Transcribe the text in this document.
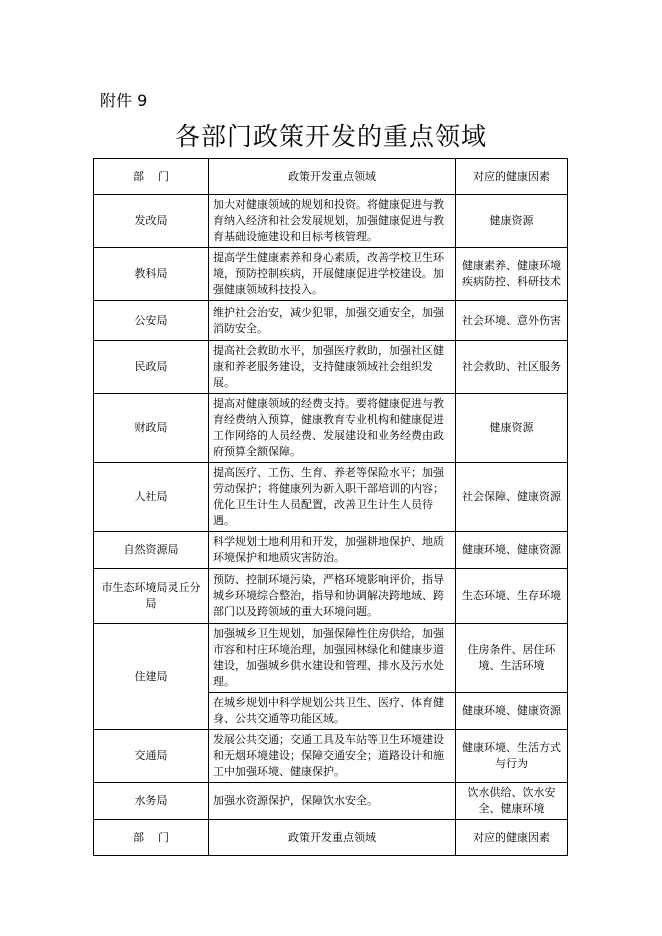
附件 9
各部门政策开发的重点领域
部    门	政策开发重点领域	对应的健康因素
发改局	加大对健康领域的规划和投资。将健康促进与教育纳入经济和社会发展规划，加强健康促进与教育基础设施建设和目标考核管理。	健康资源
教科局	提高学生健康素养和身心素质，改善学校卫生环境，预防控制疾病，开展健康促进学校建设。加强健康领域科技投入。	健康素养、健康环境疾病防控、科研技术
公安局	维护社会治安，减少犯罪，加强交通安全，加强消防安全。	社会环境、意外伤害
民政局	提高社会救助水平，加强医疗救助，加强社区健康和养老服务建设，支持健康领域社会组织发展。	社会救助、社区服务
财政局	提高对健康领域的经费支持。要将健康促进与教育经费纳入预算，健康教育专业机构和健康促进工作网络的人员经费、发展建设和业务经费由政府预算全额保障。	健康资源
人社局	提高医疗、工伤、生育、养老等保险水平；加强劳动保护；将健康列为新入职干部培训的内容；优化卫生计生人员配置，改善卫生计生人员待遇。	社会保障、健康资源
自然资源局	科学规划土地利用和开发，加强耕地保护、地质环境保护和地质灾害防治。	健康环境、健康资源
市生态环境局灵丘分局	预防、控制环境污染，严格环境影响评价，指导城乡环境综合整治，指导和协调解决跨地域、跨部门以及跨领域的重大环境问题。	生态环境、生存环境
住建局	加强城乡卫生规划，加强保障性住房供给，加强市容和村庄环境治理，加强园林绿化和健康步道建设，加强城乡供水建设和管理、排水及污水处理。	住房条件、居住环境、生活环境
	在城乡规划中科学规划公共卫生、医疗、体育健身、公共交通等功能区域。	健康环境、健康资源
交通局	发展公共交通；交通工具及车站等卫生环境建设和无烟环境建设；保障交通安全；道路设计和施工中加强环境、健康保护。	健康环境、生活方式与行为
水务局	加强水资源保护，保障饮水安全。	饮水供给、饮水安全、健康环境
部    门	政策开发重点领域	对应的健康因素
